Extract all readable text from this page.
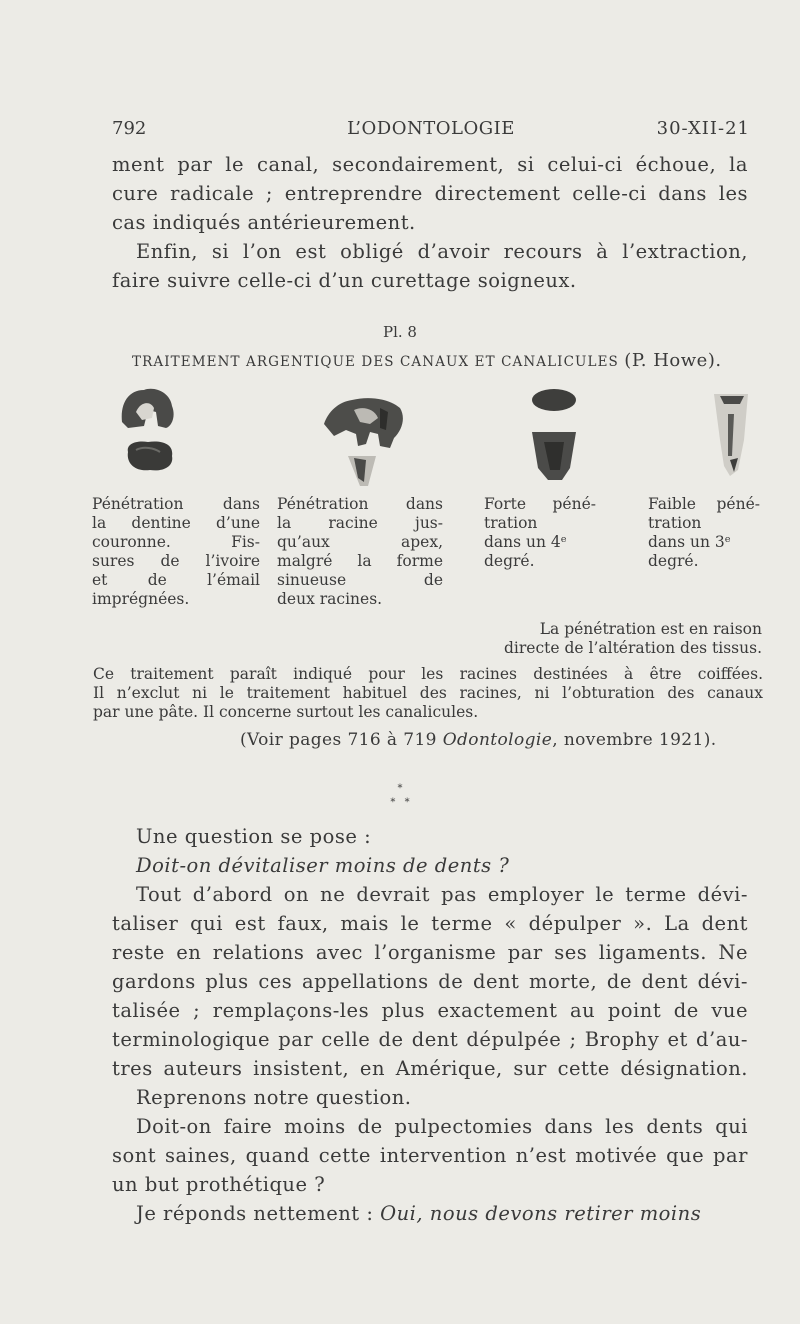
792	L’ODONTOLOGIE	30-XII-21
ment par le canal, secondairement, si celui-ci échoue, la
cure radicale ; entreprendre directement celle-ci dans les
cas indiqués antérieurement.
Enfin, si l’on est obligé d’avoir recours à l’extraction,
faire suivre celle-ci d’un curettage soigneux.
Pl. 8
TRAITEMENT ARGENTIQUE DES CANAUX ET CANALICULES (P. Howe).
Pénétration dans
la dentine d’une
couronne. Fis-
sures de l’ivoire
et de l’émail
imprégnées.
Pénétration dans
la racine jus-
qu’aux apex,
malgré la forme
sinueuse de
deux racines.
Forte péné-
tration
dans un 4ᵉ
degré.
Faible péné-
tration
dans un 3ᵉ
degré.
La pénétration est en raison
directe de l’altération des tissus.
Ce traitement paraît indiqué pour les racines destinées à être coiffées.
Il n’exclut ni le traitement habituel des racines, ni l’obturation des canaux
par une pâte. Il concerne surtout les canalicules.
(Voir pages 716 à 719 Odontologie, novembre 1921).
*
* *
Une question se pose :
Doit-on dévitaliser moins de dents ?
Tout d’abord on ne devrait pas employer le terme dévi-
taliser qui est faux, mais le terme « dépulper ». La dent
reste en relations avec l’organisme par ses ligaments. Ne
gardons plus ces appellations de dent morte, de dent dévi-
talisée ; remplaçons-les plus exactement au point de vue
terminologique par celle de dent dépulpée ; Brophy et d’au-
tres auteurs insistent, en Amérique, sur cette désignation.
Reprenons notre question.
Doit-on faire moins de pulpectomies dans les dents qui
sont saines, quand cette intervention n’est motivée que par
un but prothétique ?
Je réponds nettement : Oui, nous devons retirer moins
